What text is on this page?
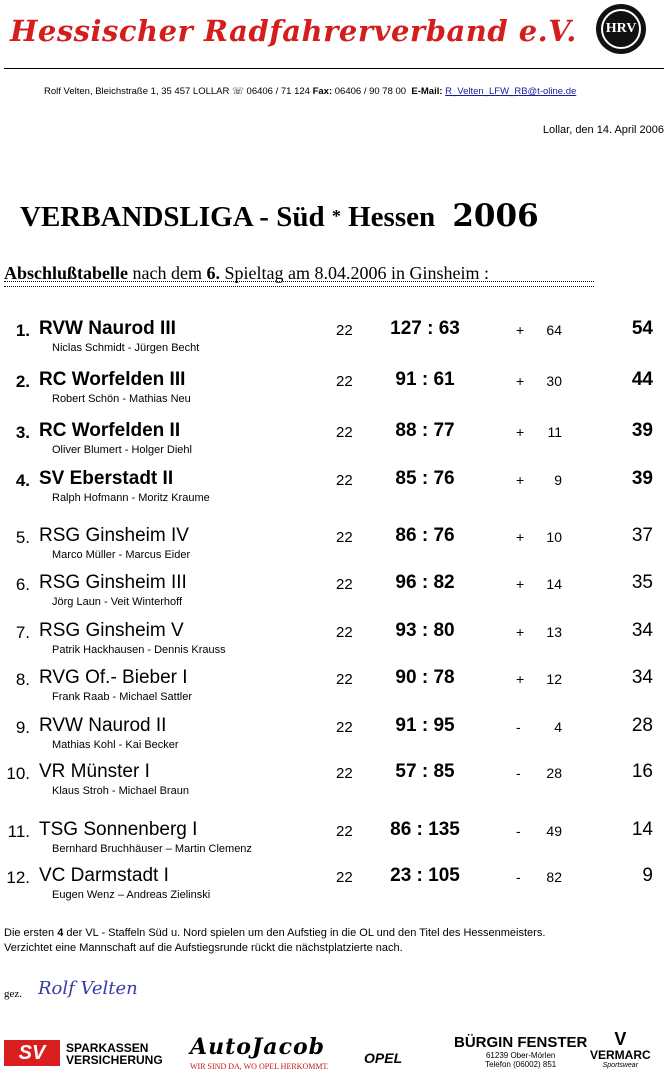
Hessischer Radfahrerverband e.V.	HRV
Rolf Velten, Bleichstraße 1, 35 457 LOLLAR ☏ 06406 / 71 124 Fax: 06406 / 90 78 00 E-Mail: R_Velten_LFW_RB@t-oline.de
Lollar, den 14. April 2006
VERBANDSLIGA - Süd * Hessen 2006
Abschlußtabelle nach dem 6. Spieltag am 8.04.2006 in Ginsheim :
1. RVW Naurod III
Niclas Schmidt - Jürgen Becht
22	127 : 63	+	64	54
2. RC Worfelden III
Robert Schön - Mathias Neu
22	91 : 61	+	30	44
3. RC Worfelden II
Oliver Blumert - Holger Diehl
22	88 : 77	+	11	39
4. SV Eberstadt II
Ralph Hofmann - Moritz Kraume
22	85 : 76	+	9	39
5. RSG Ginsheim IV
Marco Müller - Marcus Eider
22	86 : 76	+	10	37
6. RSG Ginsheim III
Jörg Laun - Veit Winterhoff
22	96 : 82	+	14	35
7. RSG Ginsheim V
Patrik Hackhausen - Dennis Krauss
22	93 : 80	+	13	34
8. RVG Of.- Bieber I
Frank Raab - Michael Sattler
22	90 : 78	+	12	34
9. RVW Naurod II
Mathias Kohl - Kai Becker
22	91 : 95	-	4	28
10. VR Münster I
Klaus Stroh - Michael Braun
22	57 : 85	-	28	16
11. TSG Sonnenberg I
Bernhard Bruchhäuser – Martin Clemenz
22	86 : 135	-	49	14
12. VC Darmstadt I
Eugen Wenz – Andreas Zielinski
22	23 : 105	-	82	9
Die ersten 4 der VL - Staffeln Süd u. Nord spielen um den Aufstieg in die OL und den Titel des Hessenmeisters.
Verzichtet eine Mannschaft auf die Aufstiegsrunde rückt die nächstplatzierte nach.
gez. Rolf Velten
SV	SPARKASSEN
VERSICHERUNG AutoJacob
WIR SIND DA, WO OPEL HERKOMMT.
OPEL
BÜRGIN FENSTER
61239 Ober-Mörlen
Telefon (06002) 851
V
VERMARC
Sportswear
